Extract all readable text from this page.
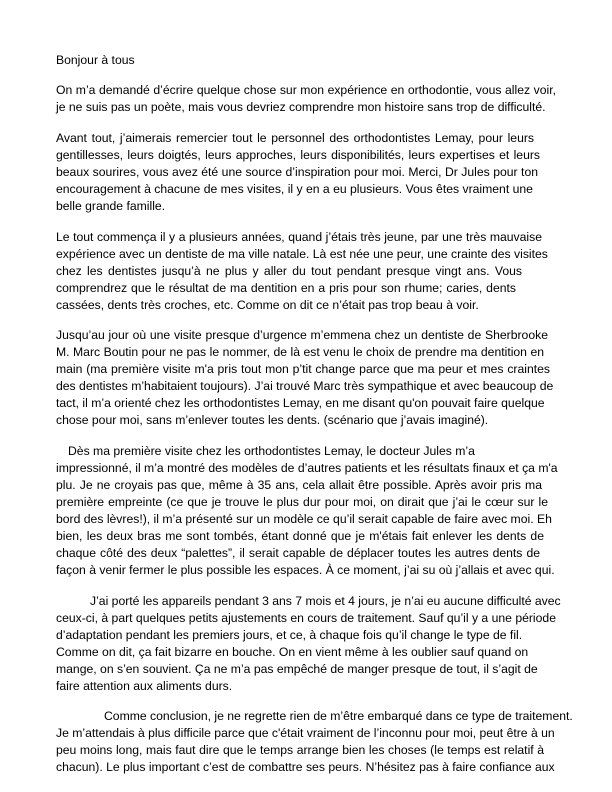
Bonjour à tous
On m’a demandé d’écrire quelque chose sur mon expérience en orthodontie, vous allez voir,
je ne suis pas un poète, mais vous devriez comprendre mon histoire sans trop de difficulté.
Avant tout, j’aimerais remercier tout le personnel des orthodontistes Lemay, pour leurs
gentillesses, leurs doigtés, leurs approches, leurs disponibilités, leurs expertises et leurs
beaux sourires, vous avez été une source d’inspiration pour moi. Merci, Dr Jules pour ton
encouragement à chacune de mes visites, il y en a eu plusieurs. Vous êtes vraiment une
belle grande famille.
Le tout commença il y a plusieurs années, quand j’étais très jeune, par une très mauvaise
expérience avec un dentiste de ma ville natale. Là est née une peur, une crainte des visites
chez les dentistes jusqu’à ne plus y aller du tout pendant presque vingt ans. Vous
comprendrez que le résultat de ma dentition en a pris pour son rhume; caries, dents
cassées, dents très croches, etc. Comme on dit ce n’était pas trop beau à voir.
Jusqu’au jour où une visite presque d’urgence m’emmena chez un dentiste de Sherbrooke
M. Marc Boutin pour ne pas le nommer, de là est venu le choix de prendre ma dentition en
main (ma première visite m'a pris tout mon p’tit change parce que ma peur et mes craintes
des dentistes m’habitaient toujours). J’ai trouvé Marc très sympathique et avec beaucoup de
tact, il m’a orienté chez les orthodontistes Lemay, en me disant qu'on pouvait faire quelque
chose pour moi, sans m’enlever toutes les dents. (scénario que j’avais imaginé).
Dès ma première visite chez les orthodontistes Lemay, le docteur Jules m’a
impressionné, il m’a montré des modèles de d’autres patients et les résultats finaux et ça m'a
plu. Je ne croyais pas que, même à 35 ans, cela allait être possible. Après avoir pris ma
première empreinte (ce que je trouve le plus dur pour moi, on dirait que j’ai le cœur sur le
bord des lèvres!), il m’a présenté sur un modèle ce qu’il serait capable de faire avec moi. Eh
bien, les deux bras me sont tombés, étant donné que je m'étais fait enlever les dents de
chaque côté des deux “palettes”, il serait capable de déplacer toutes les autres dents de
façon à venir fermer le plus possible les espaces. À ce moment, j’ai su où j’allais et avec qui.
J’ai porté les appareils pendant 3 ans 7 mois et 4 jours, je n’ai eu aucune difficulté avec
ceux-ci, à part quelques petits ajustements en cours de traitement. Sauf qu’il y a une période
d’adaptation pendant les premiers jours, et ce, à chaque fois qu’il change le type de fil.
Comme on dit, ça fait bizarre en bouche. On en vient même à les oublier sauf quand on
mange, on s’en souvient. Ça ne m’a pas empêché de manger presque de tout, il s’agit de
faire attention aux aliments durs.
Comme conclusion, je ne regrette rien de m’être embarqué dans ce type de traitement.
Je m’attendais à plus difficile parce que c'était vraiment de l’inconnu pour moi, peut être à un
peu moins long, mais faut dire que le temps arrange bien les choses (le temps est relatif à
chacun). Le plus important c’est de combattre ses peurs. N’hésitez pas à faire confiance aux
